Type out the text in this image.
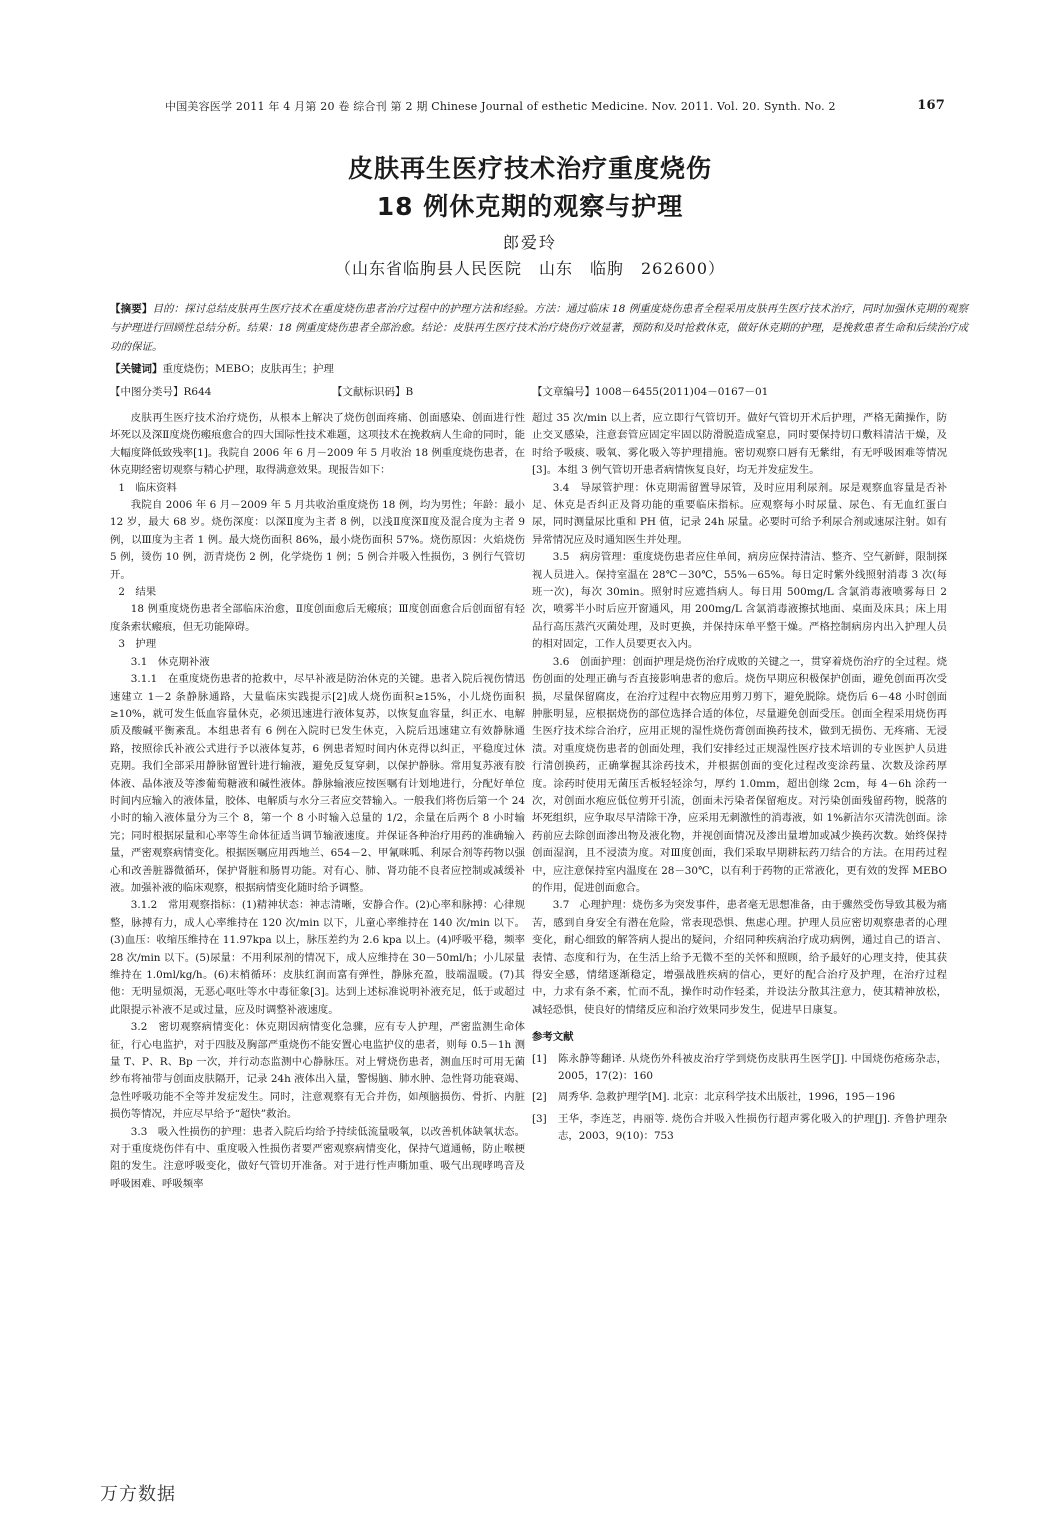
中国美容医学 2011 年 4 月第 20 卷 综合刊 第 2 期 Chinese Journal of esthetic Medicine. Nov. 2011. Vol. 20. Synth. No. 2	167
皮肤再生医疗技术治疗重度烧伤
18 例休克期的观察与护理
郎爱玲
（山东省临朐县人民医院　山东　临朐　262600）
【摘要】目的：探讨总结皮肤再生医疗技术在重度烧伤患者治疗过程中的护理方法和经验。方法：通过临床 18 例重度烧伤患者全程采用皮肤再生医疗技术治疗，同时加强休克期的观察与护理进行回顾性总结分析。结果：18 例重度烧伤患者全部治愈。结论：皮肤再生医疗技术治疗烧伤疗效显著，预防和及时抢救休克，做好休克期的护理，是挽救患者生命和后续治疗成功的保证。
【关键词】重度烧伤；MEBO；皮肤再生；护理
【中图分类号】R644	【文献标识码】B	【文章编号】1008－6455(2011)04－0167－01

皮肤再生医疗技术治疗烧伤，从根本上解决了烧伤创面疼痛、创面感染、创面进行性坏死以及深Ⅱ度烧伤瘢痕愈合的四大国际性技术难题，这项技术在挽救病人生命的同时，能大幅度降低致残率[1]。我院自 2006 年 6 月－2009 年 5 月收治 18 例重度烧伤患者，在休克期经密切观察与精心护理，取得满意效果。现报告如下：

1　临床资料

我院自 2006 年 6 月－2009 年 5 月共收治重度烧伤 18 例，均为男性；年龄：最小 12 岁，最大 68 岁。烧伤深度：以深Ⅱ度为主者 8 例，以浅Ⅱ度深Ⅱ度及混合度为主者 9 例，以Ⅲ度为主者 1 例。最大烧伤面积 86%，最小烧伤面积 57%。烧伤原因：火焰烧伤 5 例，烫伤 10 例，沥青烧伤 2 例，化学烧伤 1 例；5 例合并吸入性损伤，3 例行气管切开。

2　结果

18 例重度烧伤患者全部临床治愈，Ⅱ度创面愈后无瘢痕；Ⅲ度创面愈合后创面留有轻度条索状瘢痕，但无功能障碍。

3　护理

3.1　休克期补液

3.1.1　在重度烧伤患者的抢救中，尽早补液是防治休克的关键。患者入院后视伤情迅速建立 1－2 条静脉通路，大量临床实践提示[2]成人烧伤面积≥15%，小儿烧伤面积≥10%，就可发生低血容量休克，必须迅速进行液体复苏，以恢复血容量，纠正水、电解质及酸碱平衡紊乱。本组患者有 6 例在入院时已发生休克，入院后迅速建立有效静脉通路，按照徐氏补液公式进行予以液体复苏，6 例患者短时间内休克得以纠正，平稳度过休克期。我们全部采用静脉留置针进行输液，避免反复穿刺，以保护静脉。常用复苏液有胶体液、晶体液及等渗葡萄糖液和碱性液体。静脉输液应按医嘱有计划地进行，分配好单位时间内应输入的液体量，胶体、电解质与水分三者应交替输入。一般我们将伤后第一个 24 小时的输入液体量分为三个 8，第一个 8 小时输入总量的 1/2，余量在后两个 8 小时输完；同时根据尿量和心率等生命体征适当调节输液速度。并保证各种治疗用药的准确输入量，严密观察病情变化。根据医嘱应用西地兰、654－2、甲氰咪呱、利尿合剂等药物以强心和改善脏器微循环，保护肾脏和肠胃功能。对有心、肺、肾功能不良者应控制或减缓补液。加强补液的临床观察，根据病情变化随时给予调整。

3.1.2　常用观察指标：(1)精神状态：神志清晰，安静合作。(2)心率和脉搏：心律规整，脉搏有力，成人心率维持在 120 次/min 以下，儿童心率维持在 140 次/min 以下。(3)血压：收缩压维持在 11.97kpa 以上，脉压差约为 2.6 kpa 以上。(4)呼吸平稳，频率 28 次/min 以下。(5)尿量：不用利尿剂的情况下，成人应维持在 30－50ml/h；小儿尿量维持在 1.0ml/kg/h。(6)末梢循环：皮肤红润而富有弹性，静脉充盈，肢端温暖。(7)其他：无明显烦渴，无恶心呕吐等水中毒征象[3]。达到上述标准说明补液充足，低于或超过此限提示补液不足或过量，应及时调整补液速度。

3.2　密切观察病情变化：休克期因病情变化急骤，应有专人护理，严密监测生命体征，行心电监护，对于四肢及胸部严重烧伤不能安置心电监护仪的患者，则每 0.5－1h 测量 T、P、R、Bp 一次，并行动态监测中心静脉压。对上臂烧伤患者，测血压时可用无菌纱布将袖带与创面皮肤隔开，记录 24h 液体出入量，警惕脑、肺水肿、急性肾功能衰竭、急性呼吸功能不全等并发症发生。同时，注意观察有无合并伤，如颅脑损伤、骨折、内脏损伤等情况，并应尽早给予“超快”救治。

3.3　吸入性损伤的护理：患者入院后均给予持续低流量吸氧，以改善机体缺氧状态。对于重度烧伤伴有中、重度吸入性损伤者要严密观察病情变化，保持气道通畅，防止喉梗阻的发生。注意呼吸变化，做好气管切开准备。对于进行性声嘶加重、吸气出现哮鸣音及呼吸困难、呼吸频率

超过 35 次/min 以上者，应立即行气管切开。做好气管切开术后护理，严格无菌操作，防止交叉感染，注意套管应固定牢固以防滑脱造成窒息，同时要保持切口敷料清洁干燥，及时给予吸痰、吸氧、雾化吸入等护理措施。密切观察口唇有无紫绀，有无呼吸困难等情况[3]。本组 3 例气管切开患者病情恢复良好，均无并发症发生。

3.4　导尿管护理：休克期需留置导尿管，及时应用利尿剂。尿是观察血容量是否补足、休克是否纠正及肾功能的重要临床指标。应观察每小时尿量、尿色、有无血红蛋白尿，同时测量尿比重和 PH 值，记录 24h 尿量。必要时可给予利尿合剂或速尿注射。如有异常情况应及时通知医生并处理。

3.5　病房管理：重度烧伤患者应住单间，病房应保持清洁、整齐、空气新鲜，限制探视人员进入。保持室温在 28℃－30℃，55%－65%。每日定时紫外线照射消毒 3 次(每班一次)，每次 30min。照射时应遮挡病人。每日用 500mg/L 含氯消毒液喷雾每日 2 次，喷雾半小时后应开窗通风，用 200mg/L 含氯消毒液擦拭地面、桌面及床具；床上用品行高压蒸汽灭菌处理，及时更换，并保持床单平整干燥。严格控制病房内出入护理人员的相对固定，工作人员要更衣入内。

3.6　创面护理：创面护理是烧伤治疗成败的关键之一，贯穿着烧伤治疗的全过程。烧伤创面的处理正确与否直接影响患者的愈后。烧伤早期应积极保护创面，避免创面再次受损，尽量保留腐皮，在治疗过程中衣物应用剪刀剪下，避免脱除。烧伤后 6－48 小时创面肿胀明显，应根据烧伤的部位选择合适的体位，尽量避免创面受压。创面全程采用烧伤再生医疗技术综合治疗，应用正规的湿性烧伤膏创面换药技术，做到无损伤、无疼痛、无浸渍。对重度烧伤患者的创面处理，我们安排经过正规湿性医疗技术培训的专业医护人员进行清创换药，正确掌握其涂药技术，并根据创面的变化过程改变涂药量、次数及涂药厚度。涂药时使用无菌压舌板轻轻涂匀，厚约 1.0mm，超出创缘 2cm，每 4－6h 涂药一次，对创面水疱应低位剪开引流，创面未污染者保留疱皮。对污染创面残留药物，脱落的坏死组织，应争取尽早清除干净，应采用无刺激性的消毒液，如 1%新洁尔灭清洗创面。涂药前应去除创面渗出物及液化物，并视创面情况及渗出量增加或减少换药次数。始终保持创面湿润，且不浸渍为度。对Ⅲ度创面，我们采取早期耕耘药刀结合的方法。在用药过程中，应注意保持室内温度在 28－30℃，以有利于药物的正常液化，更有效的发挥 MEBO 的作用，促进创面愈合。

3.7　心理护理：烧伤多为突发事件，患者毫无思想准备，由于骤然受伤导致其极为痛苦，感到自身安全有潜在危险，常表现恐惧、焦虑心理。护理人员应密切观察患者的心理变化，耐心细致的解答病人提出的疑问，介绍同种疾病治疗成功病例，通过自己的语言、表情、态度和行为，在生活上给予无微不至的关怀和照顾，给予最好的心理支持，使其获得安全感，情绪逐渐稳定，增强战胜疾病的信心，更好的配合治疗及护理，在治疗过程中，力求有条不紊，忙而不乱，操作时动作轻柔，并设法分散其注意力，使其精神放松，减轻恐惧，使良好的情绪反应和治疗效果同步发生，促进早日康复。

参考文献

[1] 陈永静等翻译. 从烧伤外科被皮治疗学到烧伤皮肤再生医学[J]. 中国烧伤疮疡杂志，2005，17(2)：160

[2] 周秀华. 急救护理学[M]. 北京：北京科学技术出版社，1996，195－196

[3] 王华，李连芝，冉丽等. 烧伤合并吸入性损伤行超声雾化吸入的护理[J]. 齐鲁护理杂志，2003，9(10)：753

万方数据
